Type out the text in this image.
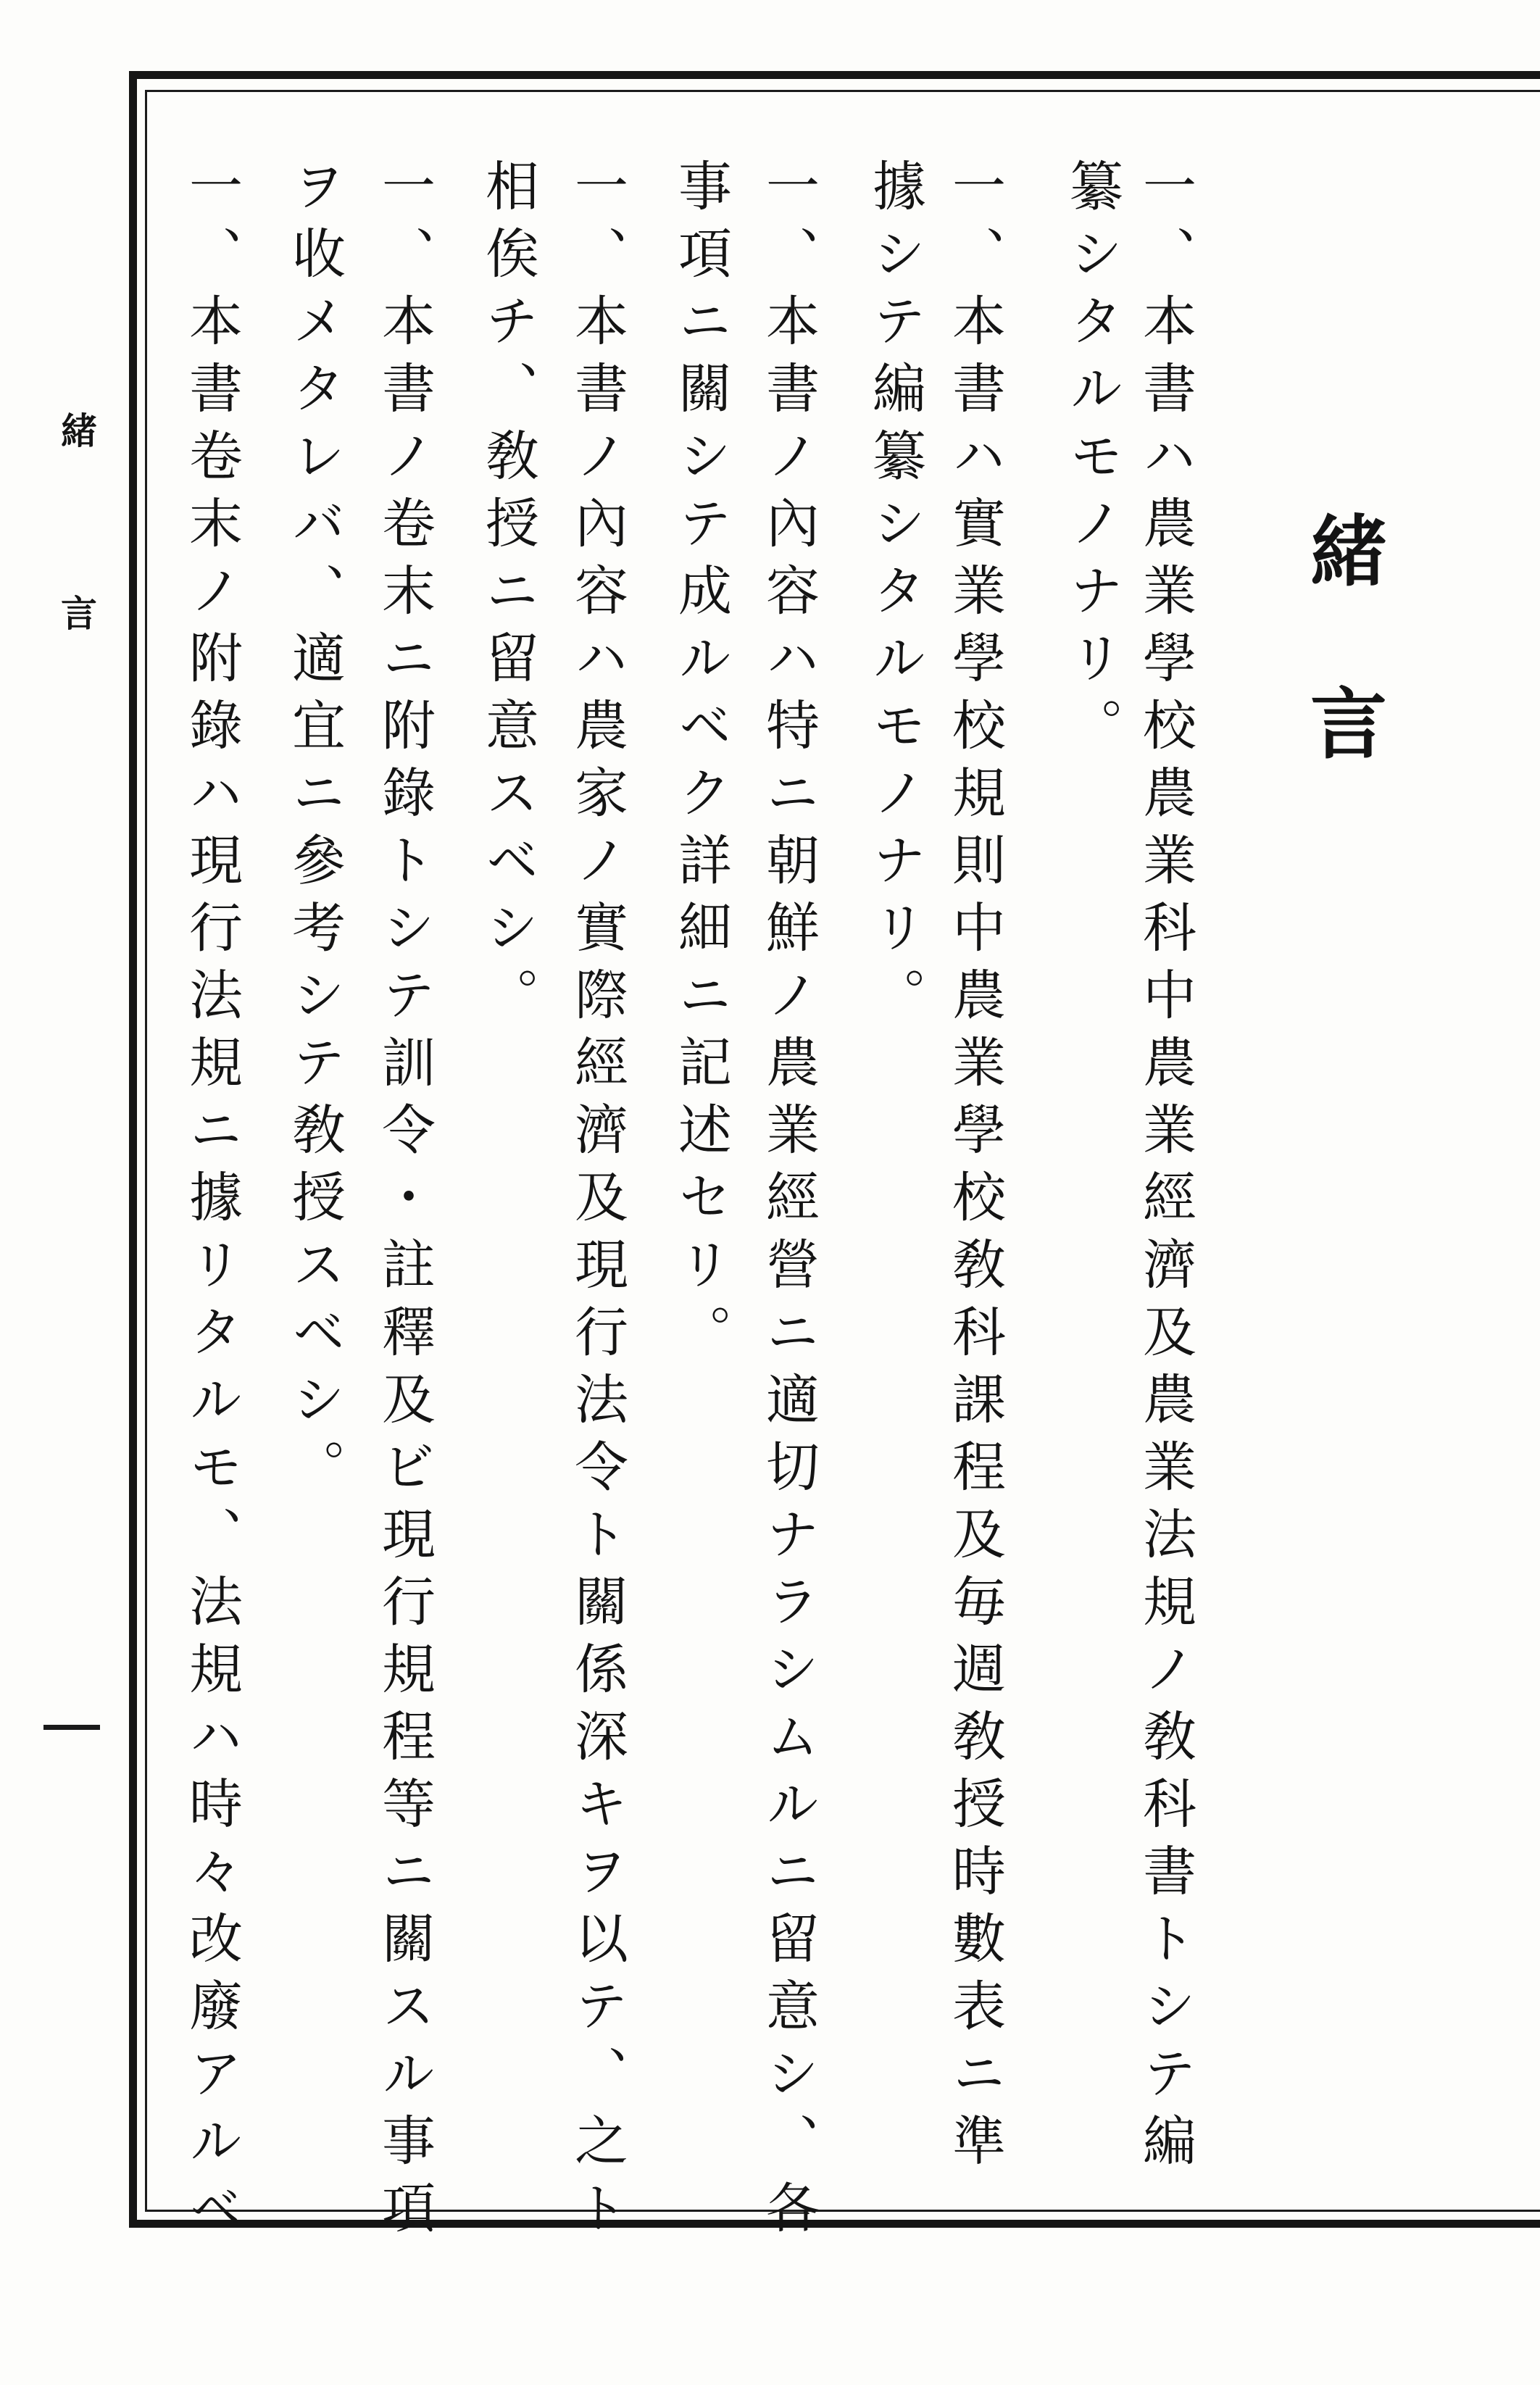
緒　言	緒言
一、本書ハ農業學校農業科中農業經濟及農業法規ノ敎科書トシテ編
纂シタルモノナリ。
一、本書ハ實業學校規則中農業學校敎科課程及毎週敎授時數表ニ準
據シテ編纂シタルモノナリ。
一、本書ノ內容ハ特ニ朝鮮ノ農業經營ニ適切ナラシムルニ留意シ、各
事項ニ關シテ成ルベク詳細ニ記述セリ。
一、本書ノ內容ハ農家ノ實際經濟及現行法令ト關係深キヲ以テ、之ト
相俟チ、敎授ニ留意スベシ。
一、本書ノ卷末ニ附錄トシテ訓令・註釋及ビ現行規程等ニ關スル事項
ヲ收メタレバ、適宜ニ參考シテ敎授スベシ。
一、本書卷末ノ附錄ハ現行法規ニ據リタルモ、法規ハ時々改廢アルベ
